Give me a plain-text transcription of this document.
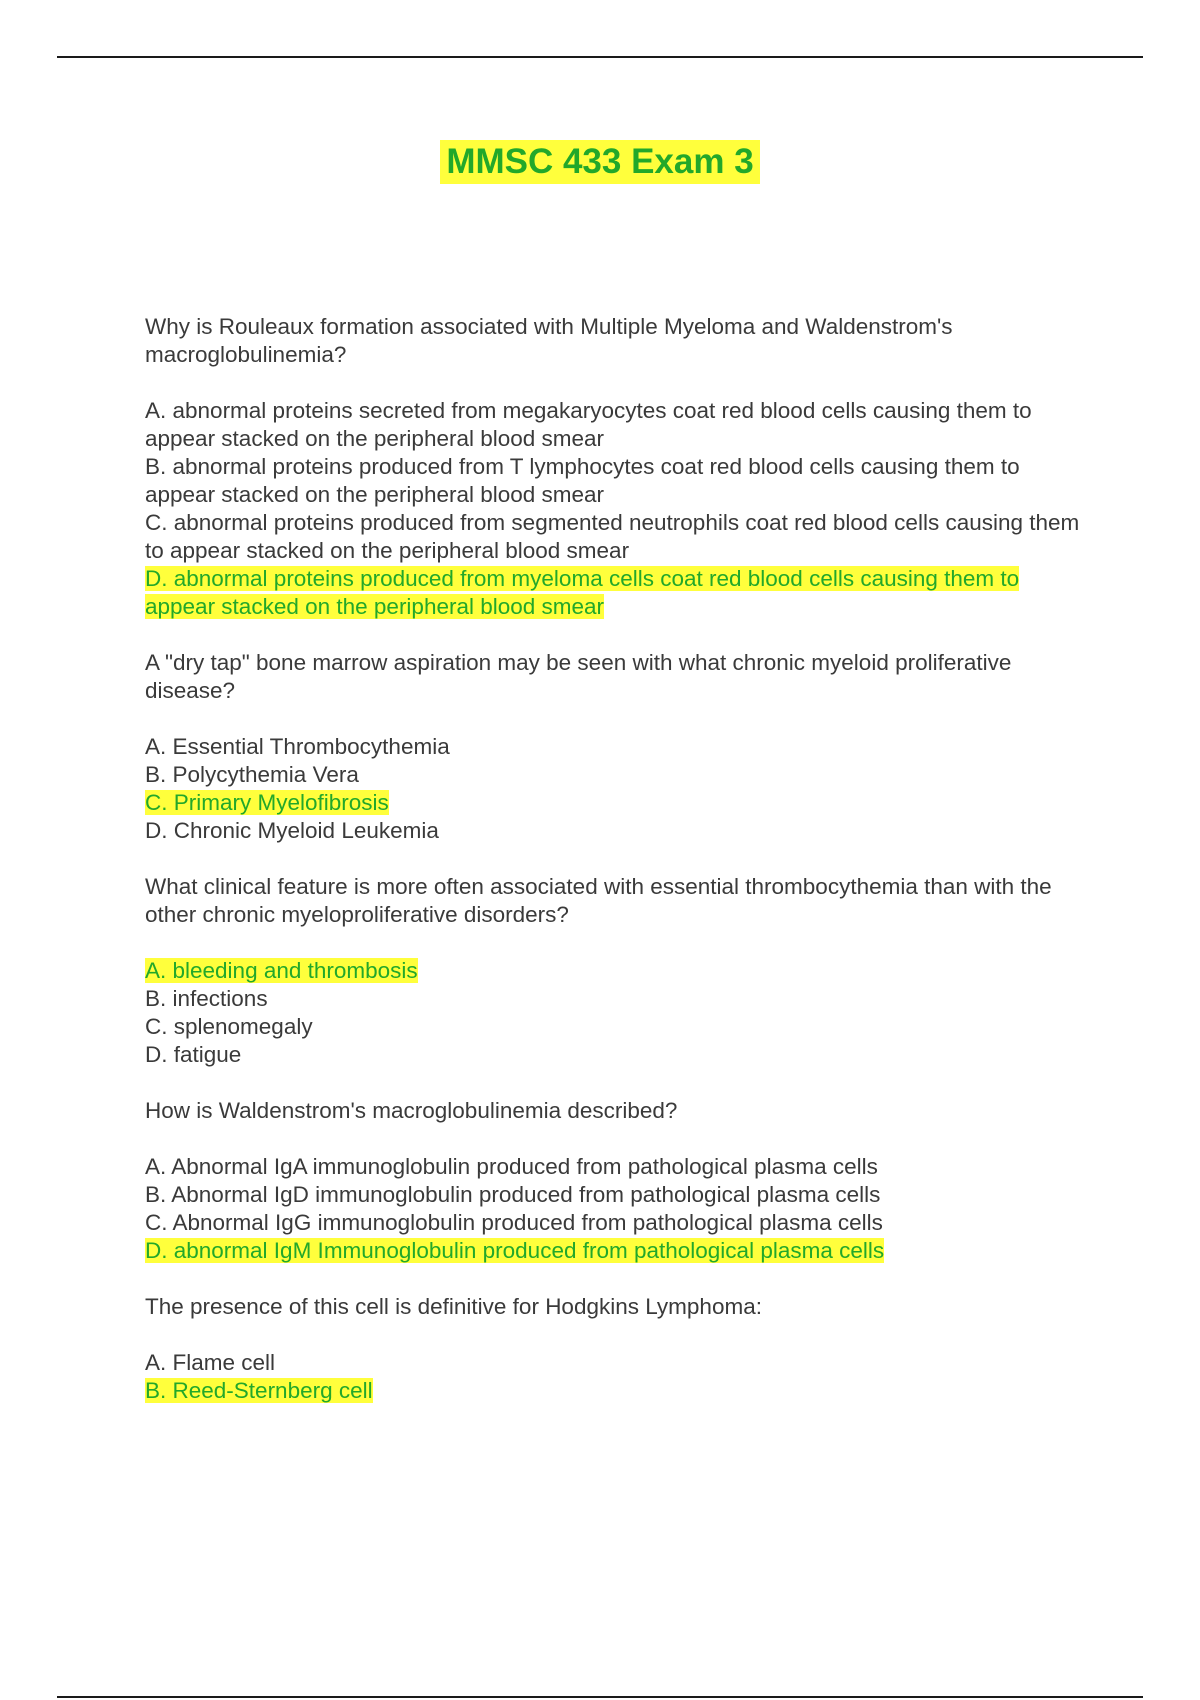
MMSC 433 Exam 3

Why is Rouleaux formation associated with Multiple Myeloma and Waldenstrom's macroglobulinemia?

A. abnormal proteins secreted from megakaryocytes coat red blood cells causing them to appear stacked on the peripheral blood smear
B. abnormal proteins produced from T lymphocytes coat red blood cells causing them to appear stacked on the peripheral blood smear
C. abnormal proteins produced from segmented neutrophils coat red blood cells causing them to appear stacked on the peripheral blood smear
D. abnormal proteins produced from myeloma cells coat red blood cells causing them to appear stacked on the peripheral blood smear

A "dry tap" bone marrow aspiration may be seen with what chronic myeloid proliferative disease?

A. Essential Thrombocythemia
B. Polycythemia Vera
C. Primary Myelofibrosis
D. Chronic Myeloid Leukemia

What clinical feature is more often associated with essential thrombocythemia than with the other chronic myeloproliferative disorders?

A. bleeding and thrombosis
B. infections
C. splenomegaly
D. fatigue

How is Waldenstrom's macroglobulinemia described?

A. Abnormal IgA immunoglobulin produced from pathological plasma cells
B. Abnormal IgD immunoglobulin produced from pathological plasma cells
C. Abnormal IgG immunoglobulin produced from pathological plasma cells
D. abnormal IgM Immunoglobulin produced from pathological plasma cells

The presence of this cell is definitive for Hodgkins Lymphoma:

A. Flame cell
B. Reed-Sternberg cell
